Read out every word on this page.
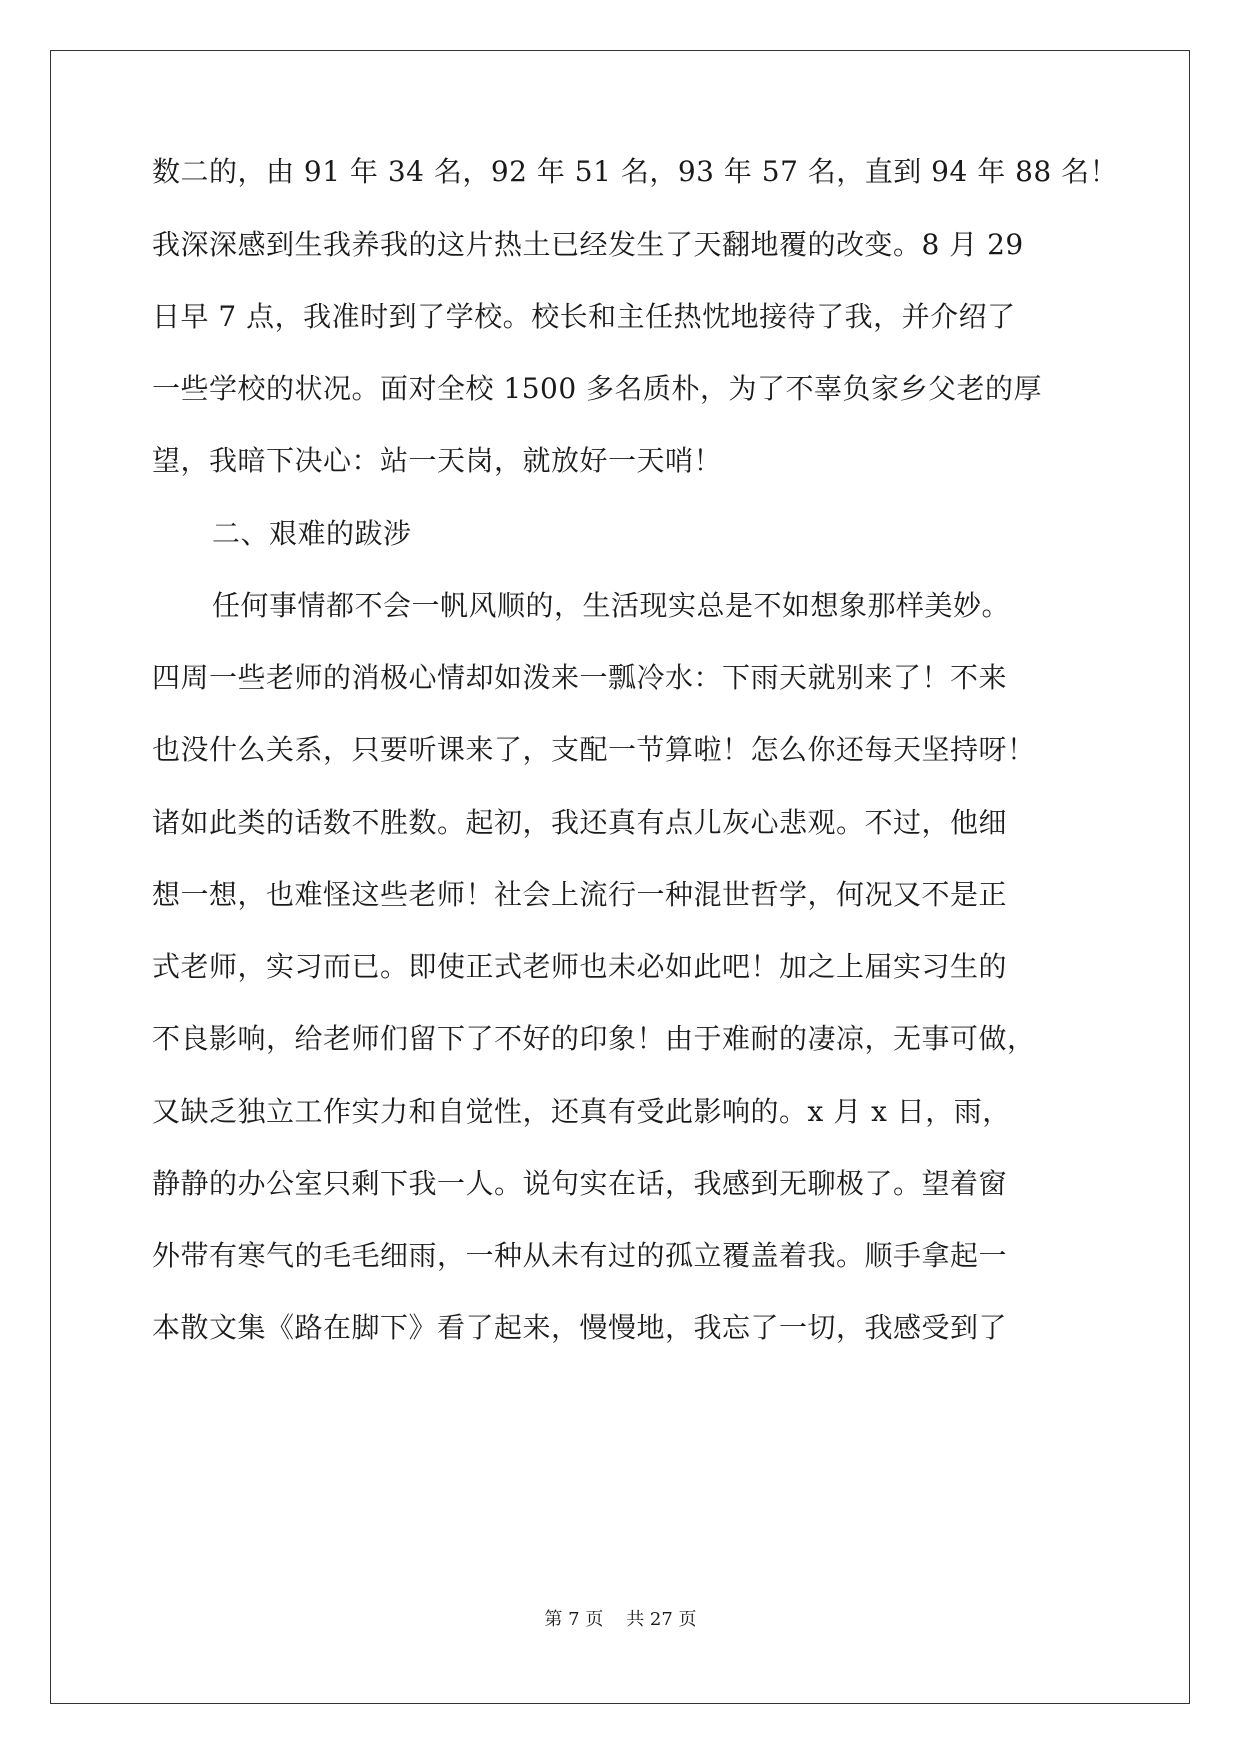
数二的，由 91 年 34 名，92 年 51 名，93 年 57 名，直到 94 年 88 名！
我深深感到生我养我的这片热土已经发生了天翻地覆的改变。8 月 29
日早 7 点，我准时到了学校。校长和主任热忱地接待了我，并介绍了
一些学校的状况。面对全校 1500 多名质朴，为了不辜负家乡父老的厚
望，我暗下决心：站一天岗，就放好一天哨！
二、艰难的跋涉
任何事情都不会一帆风顺的，生活现实总是不如想象那样美妙。
四周一些老师的消极心情却如泼来一瓢冷水：下雨天就别来了！不来
也没什么关系，只要听课来了，支配一节算啦！怎么你还每天坚持呀！
诸如此类的话数不胜数。起初，我还真有点儿灰心悲观。不过，他细
想一想，也难怪这些老师！社会上流行一种混世哲学，何况又不是正
式老师，实习而已。即使正式老师也未必如此吧！加之上届实习生的
不良影响，给老师们留下了不好的印象！由于难耐的凄凉，无事可做，
又缺乏独立工作实力和自觉性，还真有受此影响的。x 月 x 日，雨，
静静的办公室只剩下我一人。说句实在话，我感到无聊极了。望着窗
外带有寒气的毛毛细雨，一种从未有过的孤立覆盖着我。顺手拿起一
本散文集《路在脚下》看了起来，慢慢地，我忘了一切，我感受到了
第 7 页    共 27 页
